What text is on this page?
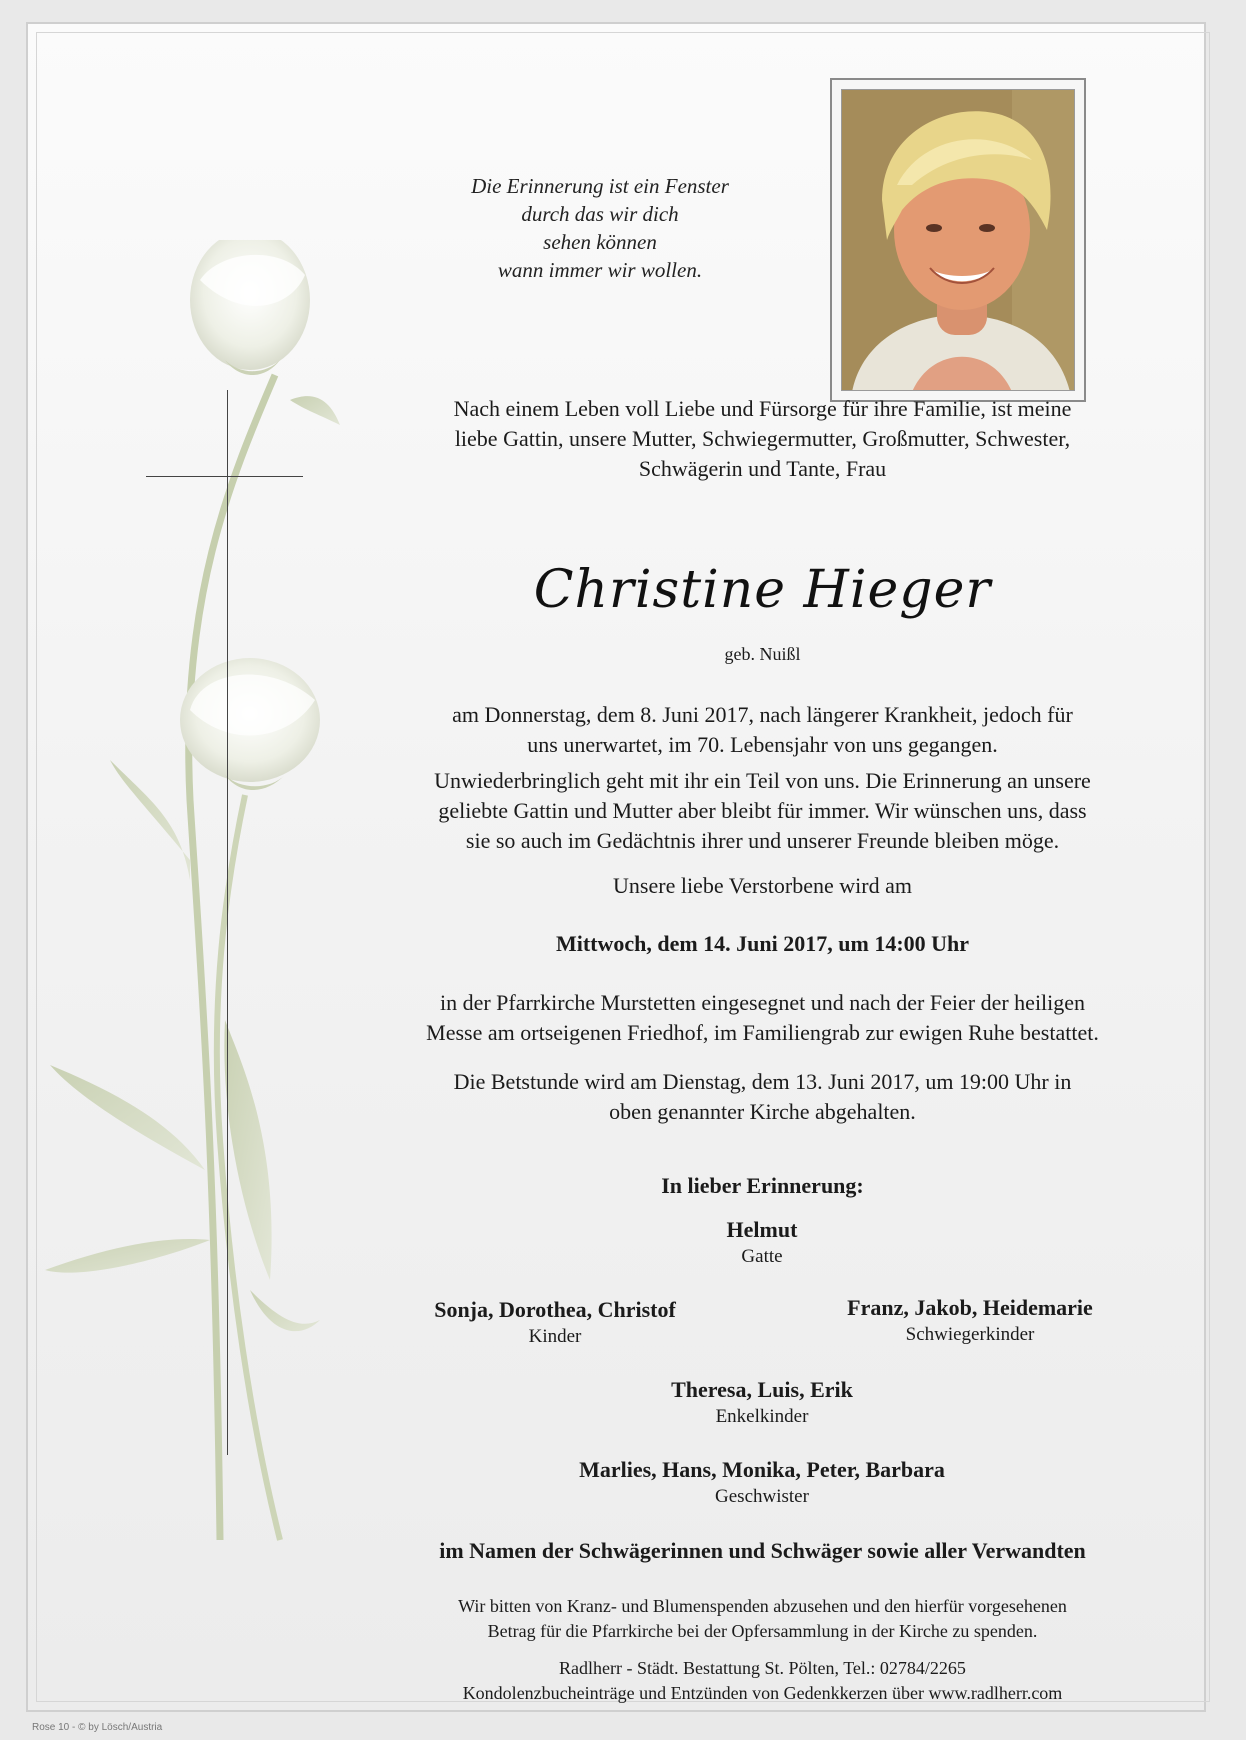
Die Erinnerung ist ein Fenster
durch das wir dich
sehen können
wann immer wir wollen.
Nach einem Leben voll Liebe und Fürsorge für ihre Familie, ist meine
liebe Gattin, unsere Mutter, Schwiegermutter, Großmutter, Schwester,
Schwägerin und Tante, Frau
Christine Hieger
geb. Nuißl
am Donnerstag, dem 8. Juni 2017, nach längerer Krankheit, jedoch für
uns unerwartet, im 70. Lebensjahr von uns gegangen.
Unwiederbringlich geht mit ihr ein Teil von uns. Die Erinnerung an unsere
geliebte Gattin und Mutter aber bleibt für immer. Wir wünschen uns, dass
sie so auch im Gedächtnis ihrer und unserer Freunde bleiben möge.
Unsere liebe Verstorbene wird am
Mittwoch, dem 14. Juni 2017, um 14:00 Uhr
in der Pfarrkirche Murstetten eingesegnet und nach der Feier der heiligen
Messe am ortseigenen Friedhof, im Familiengrab zur ewigen Ruhe bestattet.
Die Betstunde wird am Dienstag, dem 13. Juni 2017, um 19:00 Uhr in
oben genannter Kirche abgehalten.
In lieber Erinnerung:
Helmut
Gatte
Sonja, Dorothea, Christof
Kinder
Franz, Jakob, Heidemarie
Schwiegerkinder
Theresa, Luis, Erik
Enkelkinder
Marlies, Hans, Monika, Peter, Barbara
Geschwister
im Namen der Schwägerinnen und Schwäger sowie aller Verwandten
Wir bitten von Kranz- und Blumenspenden abzusehen und den hierfür vorgesehenen
Betrag für die Pfarrkirche bei der Opfersammlung in der Kirche zu spenden.
Radlherr - Städt. Bestattung St. Pölten, Tel.: 02784/2265
Kondolenzbucheinträge und Entzünden von Gedenkkerzen über www.radlherr.com
Rose 10 - © by Lösch/Austria
